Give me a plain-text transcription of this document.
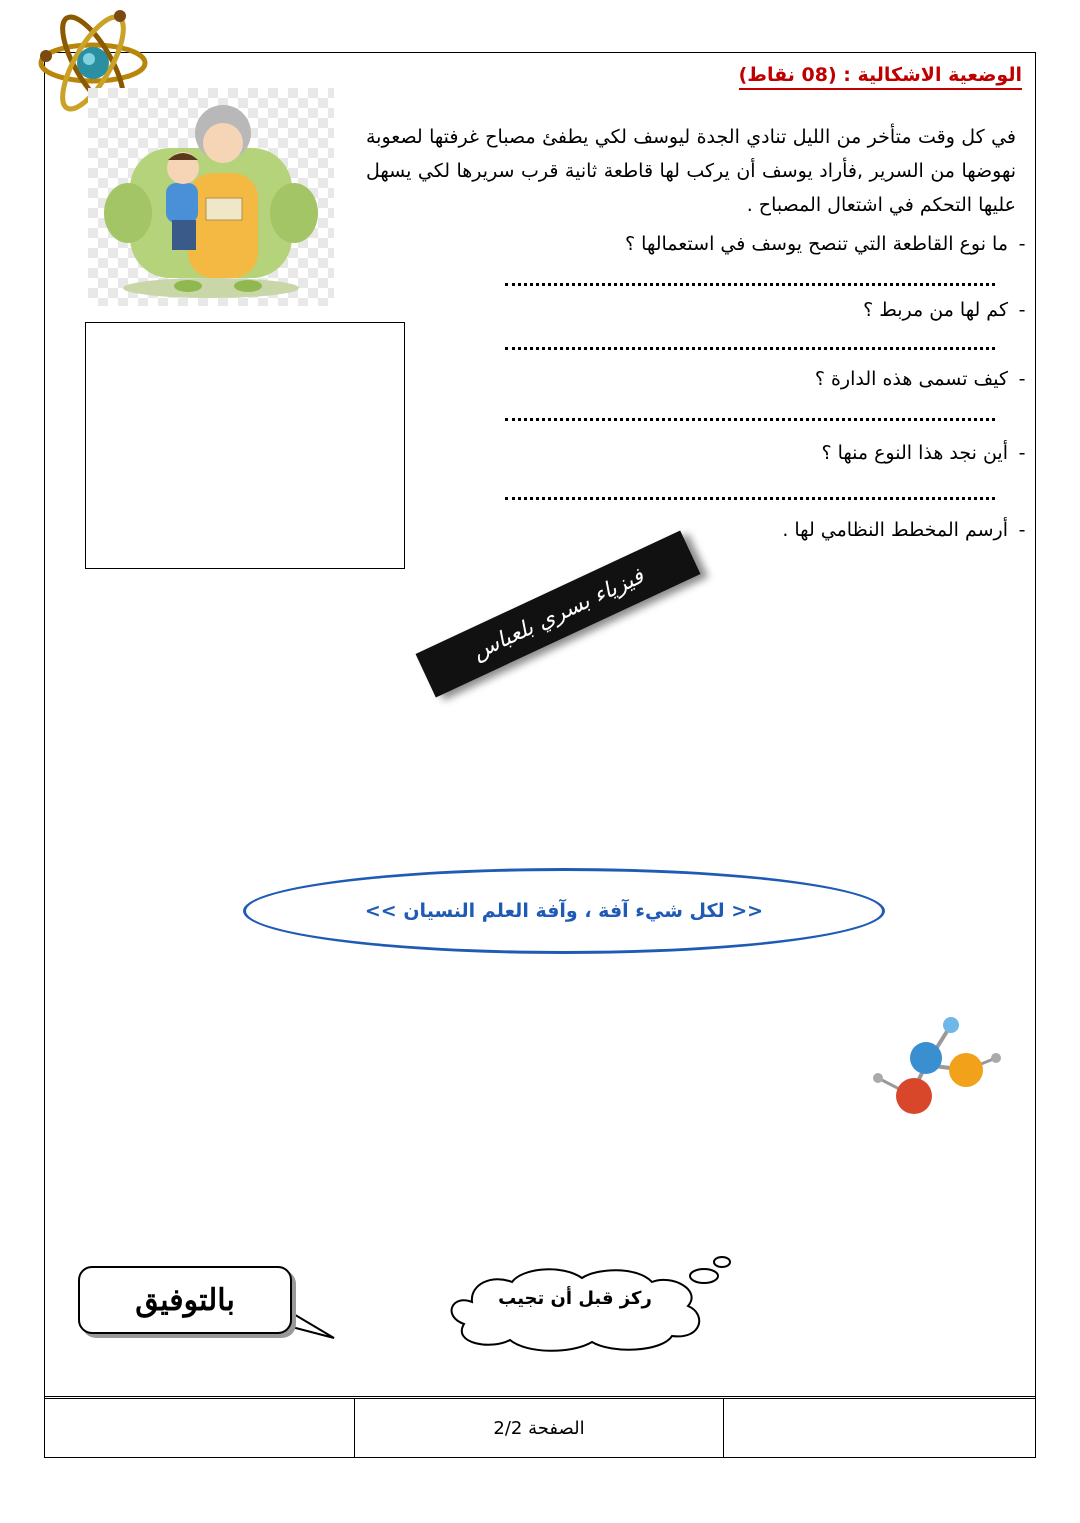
الوضعية الاشكالية : (08 نقاط)
في كل وقت متأخر من الليل تنادي الجدة ليوسف لكي يطفئ مصباح غرفتها لصعوبة نهوضها من السرير ,فأراد يوسف أن يركب لها قاطعة ثانية قرب سريرها لكي يسهل عليها التحكم في اشتعال المصباح .
-ما نوع القاطعة التي تنصح يوسف في استعمالها ؟
-كم لها من مربط ؟
-كيف تسمى هذه الدارة ؟
-أين نجد هذا النوع منها ؟
-أرسم المخطط النظامي لها .
فيزياء بسري بلعباس
<< لكل شيء آفة ، وآفة العلم النسيان >>
بالتوفيق	ركز قبل أن تجيب
الصفحة 2/2
